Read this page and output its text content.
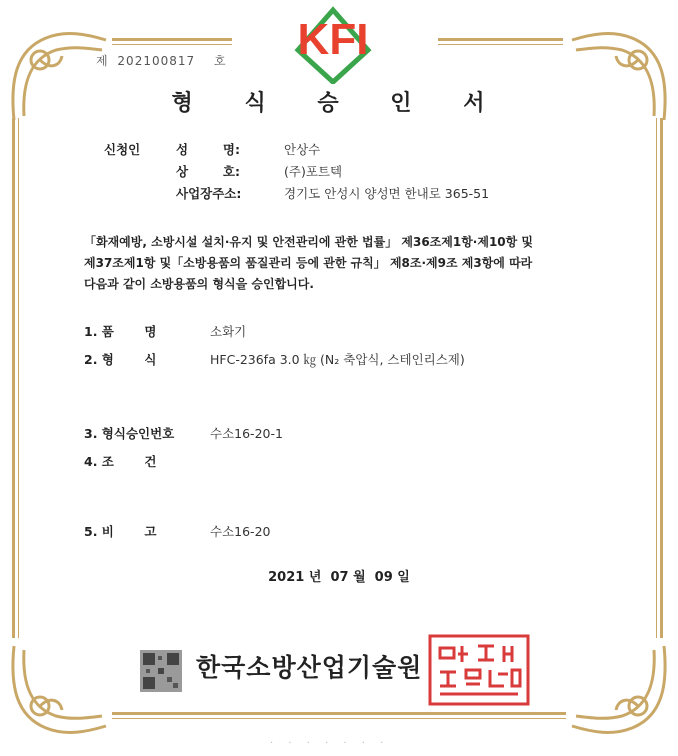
KFI
제 202100817 호
형 식 승 인 서
신청인	성        명:	안상수
상        호:	(주)포트텍
사업장주소:	경기도 안성시 양성면 한내로 365-51
「화재예방, 소방시설 설치·유지 및 안전관리에 관한 법률」 제36조제1항·제10항 및
제37조제1항 및「소방용품의 품질관리 등에 관한 규칙」 제8조·제9조 제3항에 따라
다음과 같이 소방용품의 형식을 승인합니다.
1. 품       명	소화기
2. 형       식	HFC-236fa 3.0 ㎏ (N₂ 축압식, 스테인리스제)
3. 형식승인번호	수소16-20-1
4. 조       건
5. 비       고	수소16-20
2021 년  07 월  09 일
한국소방산업기술원
· · · · · · ·
